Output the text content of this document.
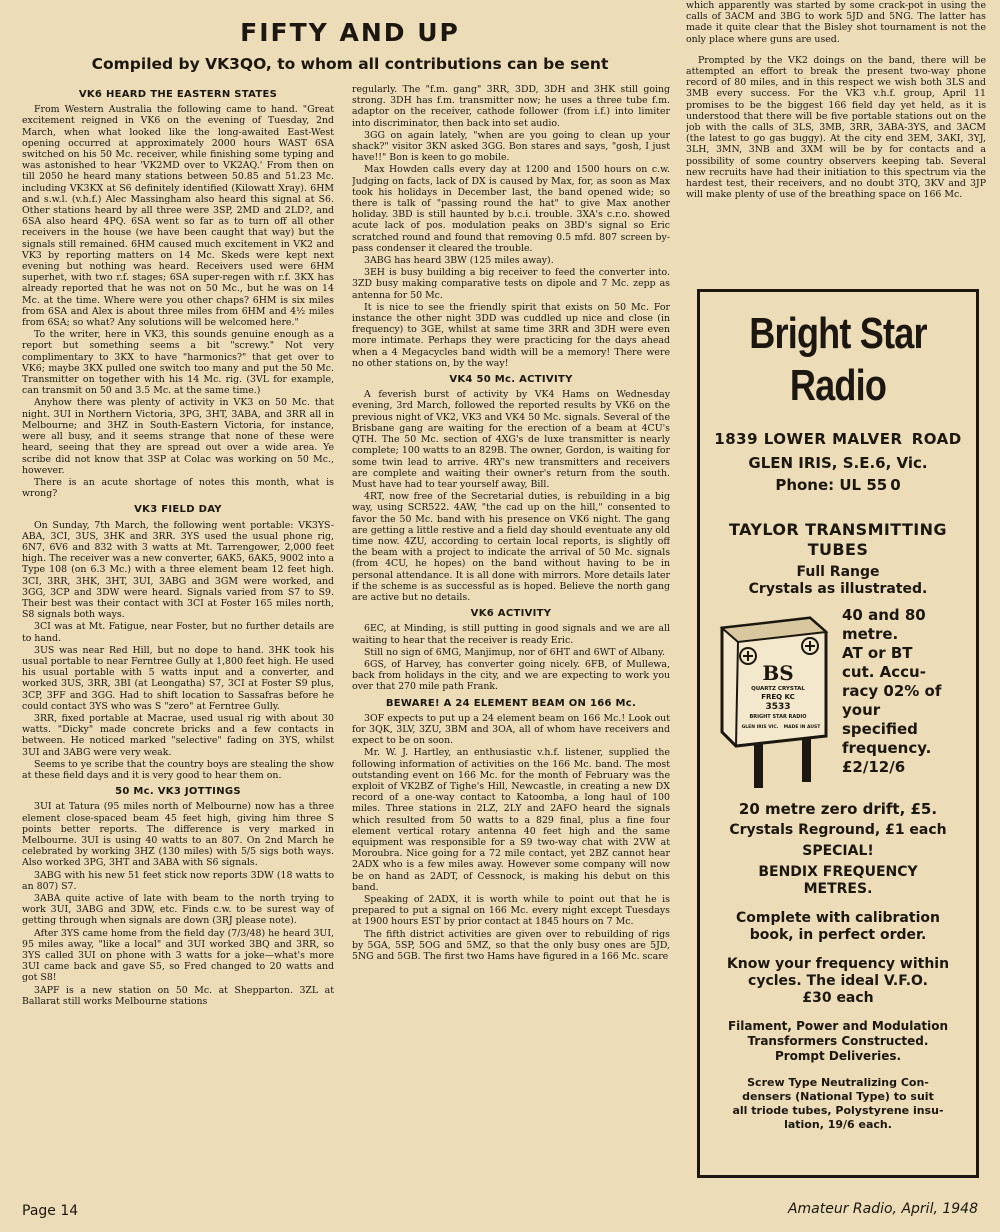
FIFTY AND UP
Compiled by VK3QO, to whom all contributions can be sent
VK6 HEARD THE EASTERN STATES

From Western Australia the following came to hand. "Great excitement reigned in VK6 on the evening of Tuesday, 2nd March, when what looked like the long-awaited East-West opening occurred at approximately 2000 hours WAST 6SA switched on his 50 Mc. receiver, while finishing some typing and was astonished to hear 'VK2MD over to VK2AQ.' From then on till 2050 he heard many stations between 50.85 and 51.23 Mc. including VK3KX at S6 definitely identified (Kilowatt Xray). 6HM and s.w.l. (v.h.f.) Alec Massingham also heard this signal at S6. Other stations heard by all three were 3SP, 2MD and 2LD?, and 6SA also heard 4PQ. 6SA went so far as to turn off all other receivers in the house (we have been caught that way) but the signals still remained. 6HM caused much excitement in VK2 and VK3 by reporting matters on 14 Mc. Skeds were kept next evening but nothing was heard. Receivers used were 6HM superhet, with two r.f. stages; 6SA super-regen with r.f. 3KX has already reported that he was not on 50 Mc., but he was on 14 Mc. at the time. Where were you other chaps? 6HM is six miles from 6SA and Alex is about three miles from 6HM and 4½ miles from 6SA; so what? Any solutions will be welcomed here."

To the writer, here in VK3, this sounds genuine enough as a report but something seems a bit "screwy." Not very complimentary to 3KX to have "harmonics?" that get over to VK6; maybe 3KX pulled one switch too many and put the 50 Mc. Transmitter on together with his 14 Mc. rig. (3VL for example, can transmit on 50 and 3.5 Mc. at the same time.)

Anyhow there was plenty of activity in VK3 on 50 Mc. that night. 3UI in Northern Victoria, 3PG, 3HT, 3ABA, and 3RR all in Melbourne; and 3HZ in South-Eastern Victoria, for instance, were all busy, and it seems strange that none of these were heard, seeing that they are spread out over a wide area. Ye scribe did not know that 3SP at Colac was working on 50 Mc., however.

There is an acute shortage of notes this month, what is wrong?

VK3 FIELD DAY

On Sunday, 7th March, the following went portable: VK3YS-ABA, 3CI, 3US, 3HK and 3RR. 3YS used the usual phone rig, 6N7, 6V6 and 832 with 3 watts at Mt. Tarrengower, 2,000 feet high. The receiver was a new converter, 6AK5, 6AK5, 9002 into a Type 108 (on 6.3 Mc.) with a three element beam 12 feet high. 3CI, 3RR, 3HK, 3HT, 3UI, 3ABG and 3GM were worked, and 3GG, 3CP and 3DW were heard. Signals varied from S7 to S9. Their best was their contact with 3CI at Foster 165 miles north, S8 signals both ways.

3CI was at Mt. Fatigue, near Foster, but no further details are to hand.

3US was near Red Hill, but no dope to hand. 3HK took his usual portable to near Ferntree Gully at 1,800 feet high. He used his usual portable with 5 watts input and a converter, and worked 3US, 3RR, 3BI (at Leongatha) S7, 3CI at Foster S9 plus, 3CP, 3FF and 3GG. Had to shift location to Sassafras before he could contact 3YS who was S "zero" at Ferntree Gully.

3RR, fixed portable at Macrae, used usual rig with about 30 watts. "Dicky" made concrete bricks and a few contacts in between. He noticed marked "selective" fading on 3YS, whilst 3UI and 3ABG were very weak.

Seems to ye scribe that the country boys are stealing the show at these field days and it is very good to hear them on.

50 Mc. VK3 JOTTINGS

3UI at Tatura (95 miles north of Melbourne) now has a three element close-spaced beam 45 feet high, giving him three S points better reports. The difference is very marked in Melbourne. 3UI is using 40 watts to an 807. On 2nd March he celebrated by working 3HZ (130 miles) with 5/5 sigs both ways. Also worked 3PG, 3HT and 3ABA with S6 signals.

3ABG with his new 51 feet stick now reports 3DW (18 watts to an 807) S7.

3ABA quite active of late with beam to the north trying to work 3UI, 3ABG and 3DW, etc. Finds c.w. to be surest way of getting through when signals are down (3RJ please note).

After 3YS came home from the field day (7/3/48) he heard 3UI, 95 miles away, "like a local" and 3UI worked 3BQ and 3RR, so 3YS called 3UI on phone with 3 watts for a joke—what's more 3UI came back and gave S5, so Fred changed to 20 watts and got S8!

3APF is a new station on 50 Mc. at Shepparton. 3ZL at Ballarat still works Melbourne stations

regularly. The "f.m. gang" 3RR, 3DD, 3DH and 3HK still going strong. 3DH has f.m. transmitter now; he uses a three tube f.m. adaptor on the receiver, cathode follower (from i.f.) into limiter into discriminator, then back into set audio.

3GG on again lately, "when are you going to clean up your shack?" visitor 3KN asked 3GG. Bon stares and says, "gosh, I just have!!" Bon is keen to go mobile.

Max Howden calls every day at 1200 and 1500 hours on c.w. Judging on facts, lack of DX is caused by Max, for, as soon as Max took his holidays in December last, the band opened wide; so there is talk of "passing round the hat" to give Max another holiday. 3BD is still haunted by b.c.i. trouble. 3XA's c.r.o. showed acute lack of pos. modulation peaks on 3BD's signal so Eric scratched round and found that removing 0.5 mfd. 807 screen by-pass condenser it cleared the trouble.

3ABG has heard 3BW (125 miles away).

3EH is busy building a big receiver to feed the converter into. 3ZD busy making comparative tests on dipole and 7 Mc. zepp as antenna for 50 Mc.

It is nice to see the friendly spirit that exists on 50 Mc. For instance the other night 3DD was cuddled up nice and close (in frequency) to 3GE, whilst at same time 3RR and 3DH were even more intimate. Perhaps they were practicing for the days ahead when a 4 Megacycles band width will be a memory! There were no other stations on, by the way!

VK4 50 Mc. ACTIVITY

A feverish burst of activity by VK4 Hams on Wednesday evening, 3rd March, followed the reported results by VK6 on the previous night of VK2, VK3 and VK4 50 Mc. signals. Several of the Brisbane gang are waiting for the erection of a beam at 4CU's QTH. The 50 Mc. section of 4XG's de luxe transmitter is nearly complete; 100 watts to an 829B. The owner, Gordon, is waiting for some twin lead to arrive. 4RY's new transmitters and receivers are complete and waiting their owner's return from the south. Must have had to tear yourself away, Bill.

4RT, now free of the Secretarial duties, is rebuilding in a big way, using SCR522. 4AW, "the cad up on the hill," consented to favor the 50 Mc. band with his presence on VK6 night. The gang are getting a little restive and a field day should eventuate any old time now. 4ZU, according to certain local reports, is slightly off the beam with a project to indicate the arrival of 50 Mc. signals (from 4CU, he hopes) on the band without having to be in personal attendance. It is all done with mirrors. More details later if the scheme is as successful as is hoped. Believe the north gang are active but no details.

VK6 ACTIVITY

6EC, at Minding, is still putting in good signals and we are all waiting to hear that the receiver is ready Eric.

Still no sign of 6MG, Manjimup, nor of 6HT and 6WT of Albany.

6GS, of Harvey, has converter going nicely. 6FB, of Mullewa, back from holidays in the city, and we are expecting to work you over that 270 mile path Frank.

BEWARE! A 24 ELEMENT BEAM ON 166 Mc.

3OF expects to put up a 24 element beam on 166 Mc.! Look out for 3QK, 3LV, 3ZU, 3BM and 3OA, all of whom have receivers and expect to be on soon.

Mr. W. J. Hartley, an enthusiastic v.h.f. listener, supplied the following information of activities on the 166 Mc. band. The most outstanding event on 166 Mc. for the month of February was the exploit of VK2BZ of Tighe's Hill, Newcastle, in creating a new DX record of a one-way contact to Katoomba, a long haul of 100 miles. Three stations in 2LZ, 2LY and 2AFO heard the signals which resulted from 50 watts to a 829 final, plus a fine four element vertical rotary antenna 40 feet high and the same equipment was responsible for a S9 two-way chat with 2VW at Moroubra. Nice going for a 72 mile contact, yet 2BZ cannot hear 2ADX who is a few miles away. However some company will now be on hand as 2ADT, of Cessnock, is making his debut on this band.

Speaking of 2ADX, it is worth while to point out that he is prepared to put a signal on 166 Mc. every night except Tuesdays at 1900 hours EST by prior contact at 1845 hours on 7 Mc.

The fifth district activities are given over to rebuilding of rigs by 5GA, 5SP, 5OG and 5MZ, so that the only busy ones are 5JD, 5NG and 5GB. The first two Hams have figured in a 166 Mc. scare

which apparently was started by some crack-pot in using the calls of 3ACM and 3BG to work 5JD and 5NG. The latter has made it quite clear that the Bisley shot tournament is not the only place where guns are used.

Prompted by the VK2 doings on the band, there will be attempted an effort to break the present two-way phone record of 80 miles, and in this respect we wish both 3LS and 3MB every success. For the VK3 v.h.f. group, April 11 promises to be the biggest 166 field day yet held, as it is understood that there will be five portable stations out on the job with the calls of 3LS, 3MB, 3RR, 3ABA-3YS, and 3ACM (the latest to go gas buggy). At the city end 3EM, 3AKI, 3YJ, 3LH, 3MN, 3NB and 3XM will be by for contacts and a possibility of some country observers keeping tab. Several new recruits have had their initiation to this spectrum via the hardest test, their receivers, and no doubt 3TQ, 3KV and 3JP will make plenty of use of the breathing space on 166 Mc.

Bright Star
Radio
1839 LOWER MALVER  ROAD
GLEN IRIS, S.E.6, Vic.
Phone: UL 55 0
TAYLOR TRANSMITTING
TUBES
Full Range
Crystals as illustrated.
BS
QUARTZ CRYSTAL
FREQ KC
3533
BRIGHT STAR RADIO
GLEN IRIS VIC. MADE IN AUST
40 and 80
metre.
AT or BT
cut. Accu-
racy 02% of
your
specified
frequency.
£2/12/6
20 metre zero drift, £5.
Crystals Reground, £1 each
SPECIAL!
BENDIX FREQUENCY
METRES.
Complete with calibration
book, in perfect order.
Know your frequency within
cycles. The ideal V.F.O.
£30 each
Filament, Power and Modulation
Transformers Constructed.
Prompt Deliveries.
Screw Type Neutralizing Con-
densers (National Type) to suit
all triode tubes, Polystyrene insu-
lation, 19/6 each.
Page 14	Amateur Radio, April, 1948
